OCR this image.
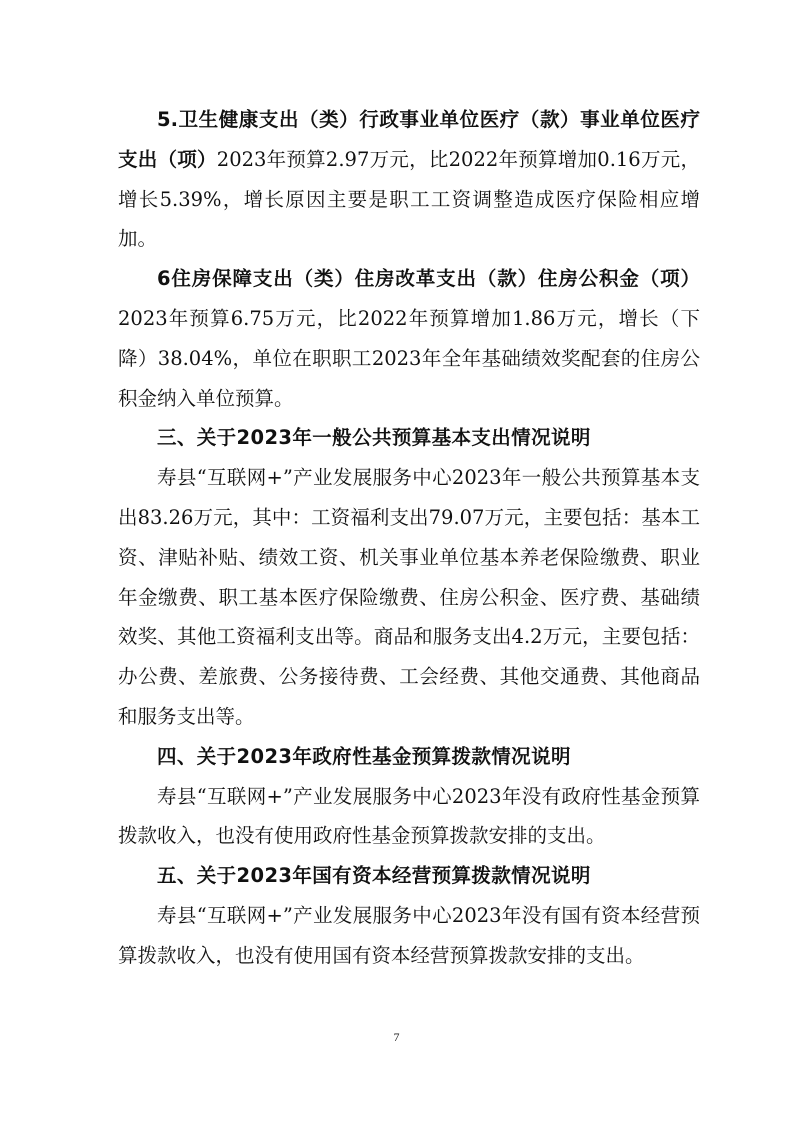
5.卫生健康支出（类）行政事业单位医疗（款）事业单位医疗支出（项）2023年预算2.97万元，比2022年预算增加0.16万元，增长5.39%，增长原因主要是职工工资调整造成医疗保险相应增加。

6住房保障支出（类）住房改革支出（款）住房公积金（项）2023年预算6.75万元，比2022年预算增加1.86万元，增长（下降）38.04%，单位在职职工2023年全年基础绩效奖配套的住房公积金纳入单位预算。

三、关于2023年一般公共预算基本支出情况说明

寿县“互联网+”产业发展服务中心2023年一般公共预算基本支出83.26万元，其中：工资福利支出79.07万元，主要包括：基本工资、津贴补贴、绩效工资、机关事业单位基本养老保险缴费、职业年金缴费、职工基本医疗保险缴费、住房公积金、医疗费、基础绩效奖、其他工资福利支出等。商品和服务支出4.2万元，主要包括：办公费、差旅费、公务接待费、工会经费、其他交通费、其他商品和服务支出等。

四、关于2023年政府性基金预算拨款情况说明

寿县“互联网+”产业发展服务中心2023年没有政府性基金预算拨款收入，也没有使用政府性基金预算拨款安排的支出。

五、关于2023年国有资本经营预算拨款情况说明

寿县“互联网+”产业发展服务中心2023年没有国有资本经营预算拨款收入，也没有使用国有资本经营预算拨款安排的支出。

7
